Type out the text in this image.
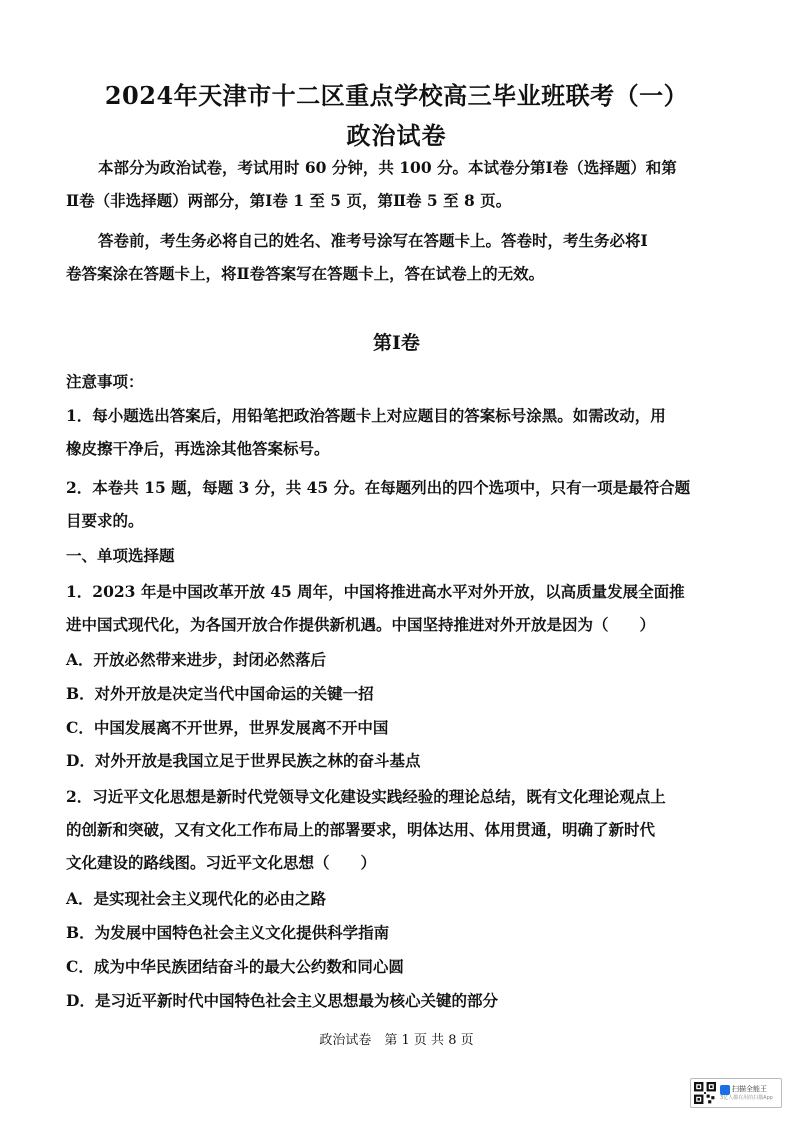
2024年天津市十二区重点学校高三毕业班联考（一）
政治试卷
本部分为政治试卷，考试用时 60 分钟，共 100 分。本试卷分第Ⅰ卷（选择题）和第
Ⅱ卷（非选择题）两部分，第Ⅰ卷 1 至 5 页，第Ⅱ卷 5 至 8 页。
答卷前，考生务必将自己的姓名、准考号涂写在答题卡上。答卷时，考生务必将Ⅰ
卷答案涂在答题卡上，将Ⅱ卷答案写在答题卡上，答在试卷上的无效。
第Ⅰ卷
注意事项：
1．每小题选出答案后，用铅笔把政治答题卡上对应题目的答案标号涂黑。如需改动，用
橡皮擦干净后，再选涂其他答案标号。
2．本卷共 15 题，每题 3 分，共 45 分。在每题列出的四个选项中，只有一项是最符合题
目要求的。
一、单项选择题
1．2023 年是中国改革开放 45 周年，中国将推进高水平对外开放，以高质量发展全面推
进中国式现代化，为各国开放合作提供新机遇。中国坚持推进对外开放是因为（　　）
A．开放必然带来进步，封闭必然落后
B．对外开放是决定当代中国命运的关键一招
C．中国发展离不开世界，世界发展离不开中国
D．对外开放是我国立足于世界民族之林的奋斗基点
2．习近平文化思想是新时代党领导文化建设实践经验的理论总结，既有文化理论观点上
的创新和突破，又有文化工作布局上的部署要求，明体达用、体用贯通，明确了新时代
文化建设的路线图。习近平文化思想（　　）
A．是实现社会主义现代化的必由之路
B．为发展中国特色社会主义文化提供科学指南
C．成为中华民族团结奋斗的最大公约数和同心圆
D．是习近平新时代中国特色社会主义思想最为核心关键的部分
政治试卷　第 1 页 共 8 页
扫描全能王
3亿人都在用的扫描App
